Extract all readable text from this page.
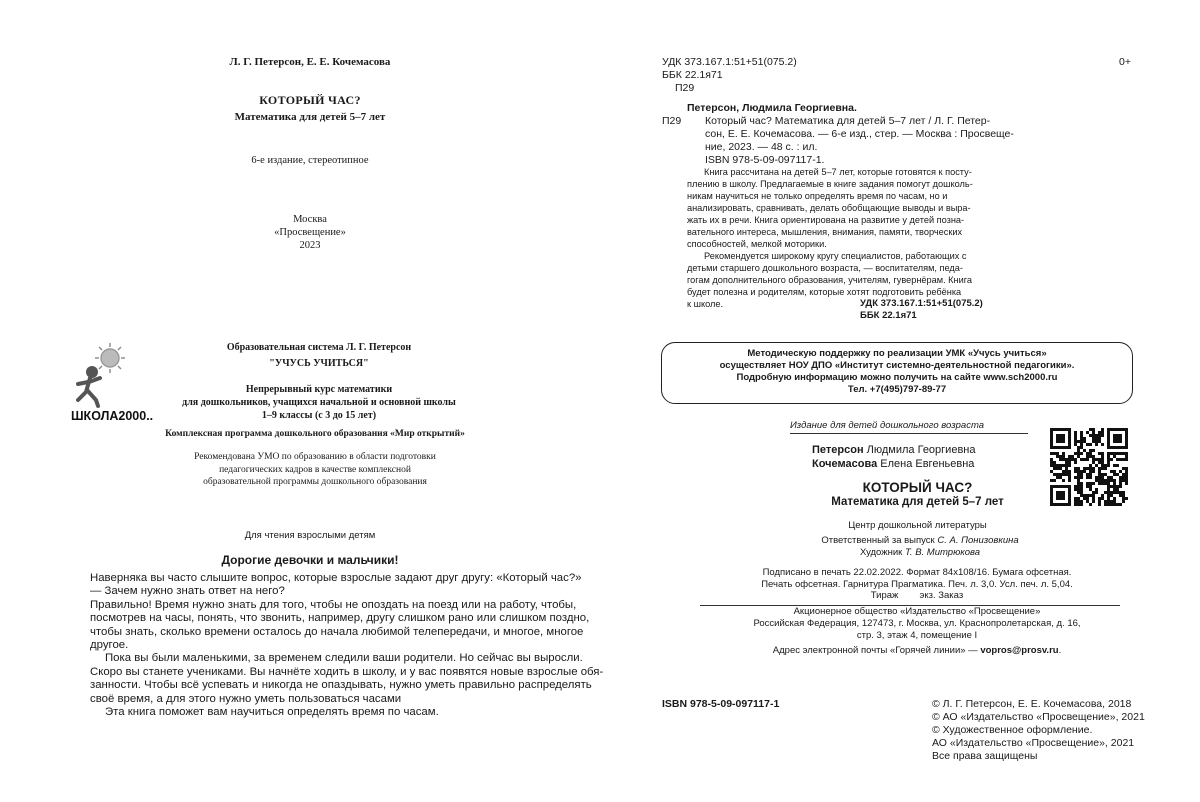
Л. Г. Петерсон, Е. Е. Кочемасова
КОТОРЫЙ ЧАС?
Математика для детей 5–7 лет
6-е издание, стереотипное
Москва
«Просвещение»
2023
ШКОЛА2000...
Образовательная система Л. Г. Петерсон
"УЧУСЬ УЧИТЬСЯ"
Непрерывный курс математики
для дошкольников, учащихся начальной и основной школы
1–9 классы (с 3 до 15 лет)
Комплексная программа дошкольного образования «Мир открытий»
Рекомендована УМО по образованию в области подготовки
педагогических кадров в качестве комплексной
образовательной программы дошкольного образования
Для чтения взрослыми детям
Дорогие девочки и мальчики!
Наверняка вы часто слышите вопрос, которые взрослые задают друг другу: «Который час?»
— Зачем нужно знать ответ на него?
Правильно! Время нужно знать для того, чтобы не опоздать на поезд или на работу, чтобы,
посмотрев на часы, понять, что звонить, например, другу слишком рано или слишком поздно,
чтобы знать, сколько времени осталось до начала любимой телепередачи, и многое, многое
другое.
Пока вы были маленькими, за временем следили ваши родители. Но сейчас вы выросли.
Скоро вы станете учениками. Вы начнёте ходить в школу, и у вас появятся новые взрослые обя-
занности. Чтобы всё успевать и никогда не опаздывать, нужно уметь правильно распределять
своё время, а для этого нужно уметь пользоваться часами
Эта книга поможет вам научиться определять время по часам.
УДК 373.167.1:51+51(075.2)
ББК 22.1я71
0+
П29
Петерсон, Людмила Георгиевна.
П29 Который час? Математика для детей 5–7 лет / Л. Г. Петер-
сон, Е. Е. Кочемасова. — 6-е изд., стер. — Москва : Просвеще-
ние, 2023. — 48 с. : ил.
ISBN 978-5-09-097117-1.
Книга рассчитана на детей 5–7 лет, которые готовятся к посту-
плению в школу. Предлагаемые в книге задания помогут дошколь-
никам научиться не только определять время по часам, но и
анализировать, сравнивать, делать обобщающие выводы и выра-
жать их в речи. Книга ориентирована на развитие у детей познa-
вательного интереса, мышления, внимания, памяти, творческих
способностей, мелкой моторики.
Рекомендуется широкому кругу специалистов, работающих с
детьми старшего дошкольного возраста, — воспитателям, педа-
гогам дополнительного образования, учителям, гувернёрам. Книга
будет полезна и родителям, которые хотят подготовить ребёнка
к школе.	УДК 373.167.1:51+51(075.2)
ББК 22.1я71
Методическую поддержку по реализации УМК «Учусь учиться»
осуществляет НОУ ДПО «Институт системно-деятельностной педагогики».
Подробную информацию можно получить на сайте www.sch2000.ru
Тел. +7(495)797-89-77
Издание для детей дошкольного возраста
Петерсон Людмила Георгиевна
Кочемасова Елена Евгеньевна
КОТОРЫЙ ЧАС?
Математика для детей 5–7 лет
Центр дошкольной литературы
Ответственный за выпуск С. А. Понизовкина
Художник Т. В. Митрюкова
Подписано в печать 22.02.2022. Формат 84x108/16. Бумага офсетная.
Печать офсетная. Гарнитура Прагматика. Печ. л. 3,0. Усл. печ. л. 5,04.
Тираж        экз. Заказ
Акционерное общество «Издательство «Просвещение»
Российская Федерация, 127473, г. Москва, ул. Краснопролетарская, д. 16,
стр. 3, этаж 4, помещение I
Адрес электронной почты «Горячей линии» — vopros@prosv.ru.
ISBN 978-5-09-097117-1	© Л. Г. Петерсон, Е. Е. Кочемасова, 2018
© АО «Издательство «Просвещение», 2021
© Художественное оформление.
АО «Издательство «Просвещение», 2021
Все права защищены
